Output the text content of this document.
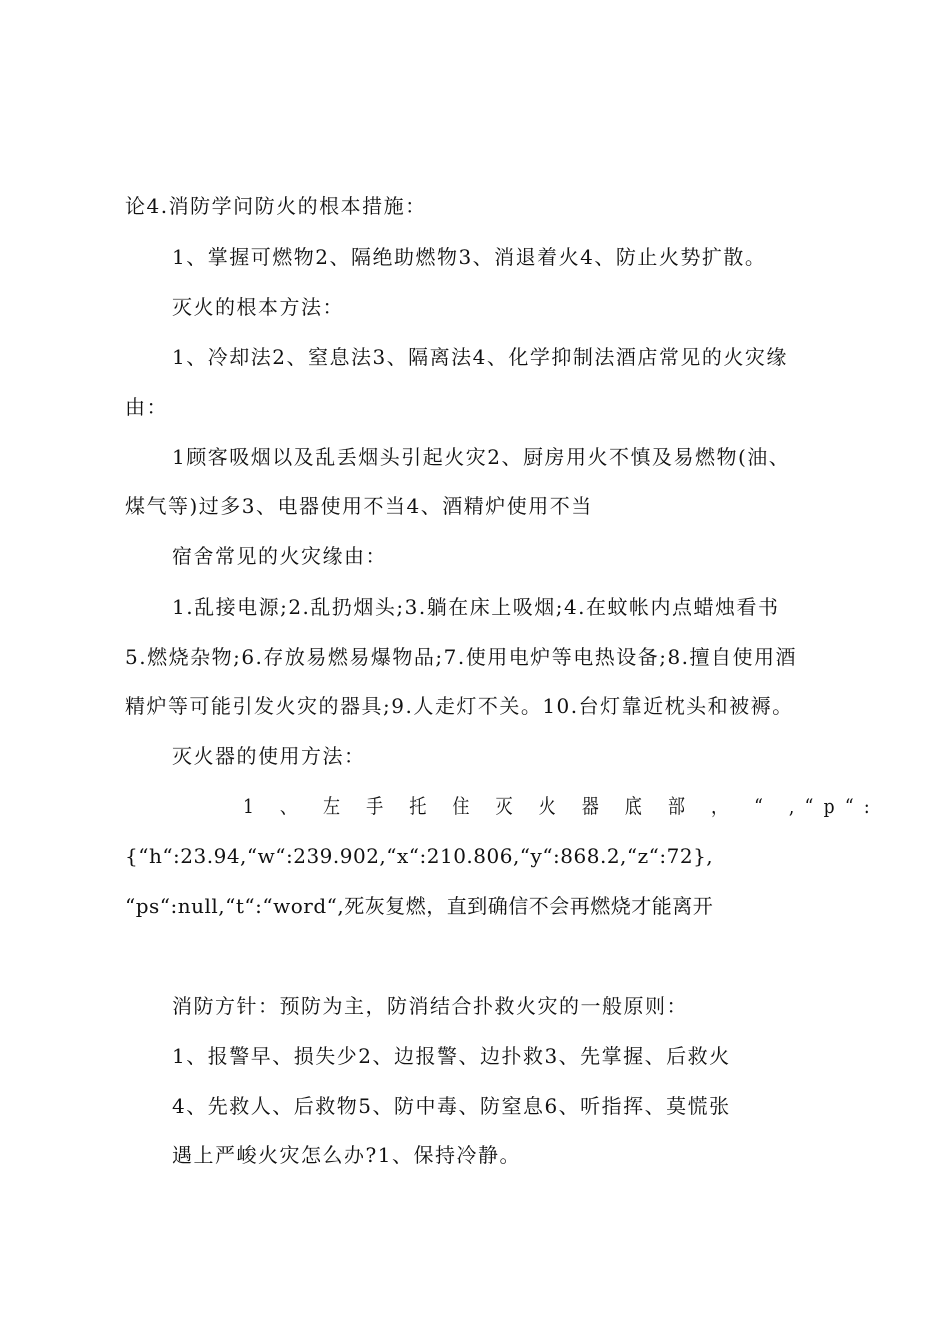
论4.消防学问防火的根本措施：
1、掌握可燃物2、隔绝助燃物3、消退着火4、防止火势扩散。
灭火的根本方法：
1、冷却法2、窒息法3、隔离法4、化学抑制法酒店常见的火灾缘
由：
1顾客吸烟以及乱丢烟头引起火灾2、厨房用火不慎及易燃物(油、
煤气等)过多3、电器使用不当4、酒精炉使用不当
宿舍常见的火灾缘由：
1.乱接电源;2.乱扔烟头;3.躺在床上吸烟;4.在蚊帐内点蜡烛看书
5.燃烧杂物;6.存放易燃易爆物品;7.使用电炉等电热设备;8.擅自使用酒
精炉等可能引发火灾的器具;9.人走灯不关。10.台灯靠近枕头和被褥。
灭火器的使用方法：
1 、 左 手 托 住 灭 火 器 底 部 ， “ ,“p“:
{“h“:23.94,“w“:239.902,“x“:210.806,“y“:868.2,“z“:72},
“ps“:null,“t“:“word“,死灰复燃，直到确信不会再燃烧才能离开
消防方针：预防为主，防消结合扑救火灾的一般原则：
1、报警早、损失少2、边报警、边扑救3、先掌握、后救火
4、先救人、后救物5、防中毒、防窒息6、听指挥、莫慌张
遇上严峻火灾怎么办?1、保持冷静。
